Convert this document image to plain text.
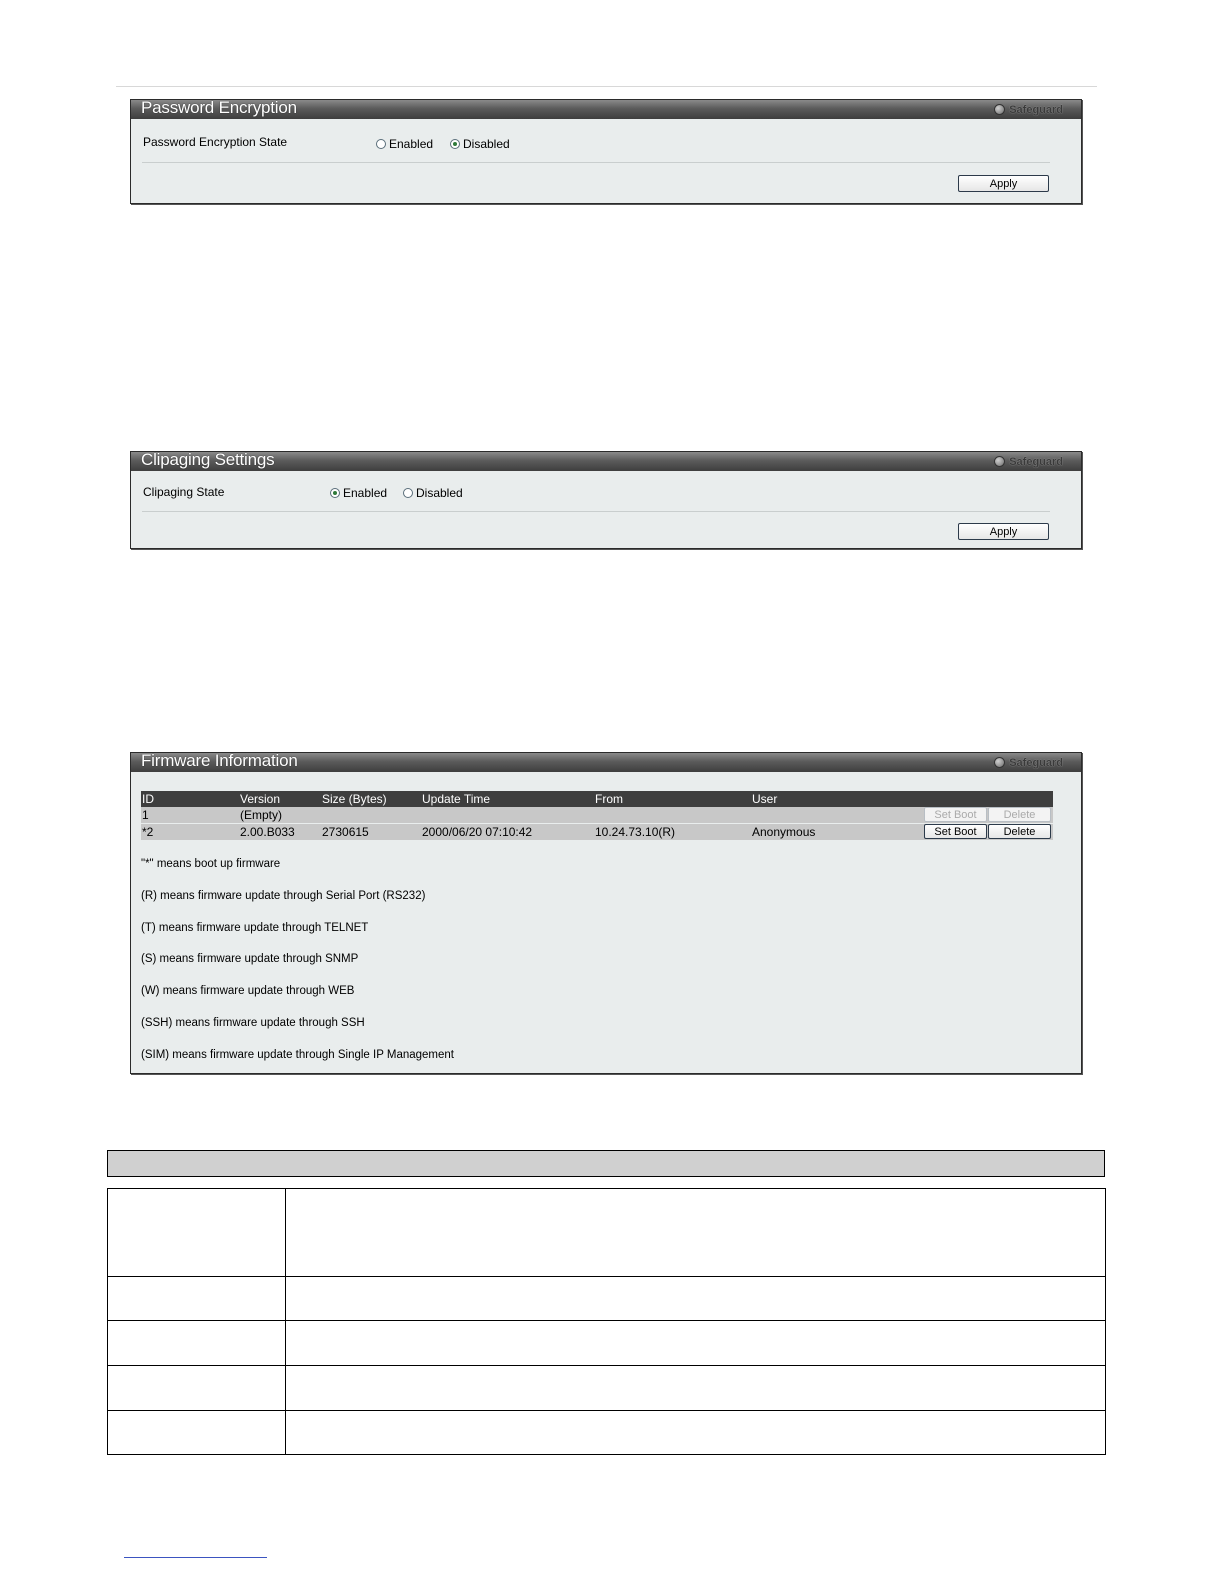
Password Encryption	Safeguard
Password Encryption State	Enabled Disabled
Apply
Clipaging Settings	Safeguard
Clipaging State	Enabled Disabled
Apply
Firmware Information	Safeguard
ID	Version	Size (Bytes)	Update Time	From	User	
1	(Empty)					Set Boot Delete

*2	2.00.B033	2730615	2000/06/20 07:10:42	10.24.73.10(R)	Anonymous	Set Boot Delete
"*" means boot up firmware
(R) means firmware update through Serial Port (RS232)
(T) means firmware update through TELNET
(S) means firmware update through SNMP
(W) means firmware update through WEB
(SSH) means firmware update through SSH
(SIM) means firmware update through Single IP Management
